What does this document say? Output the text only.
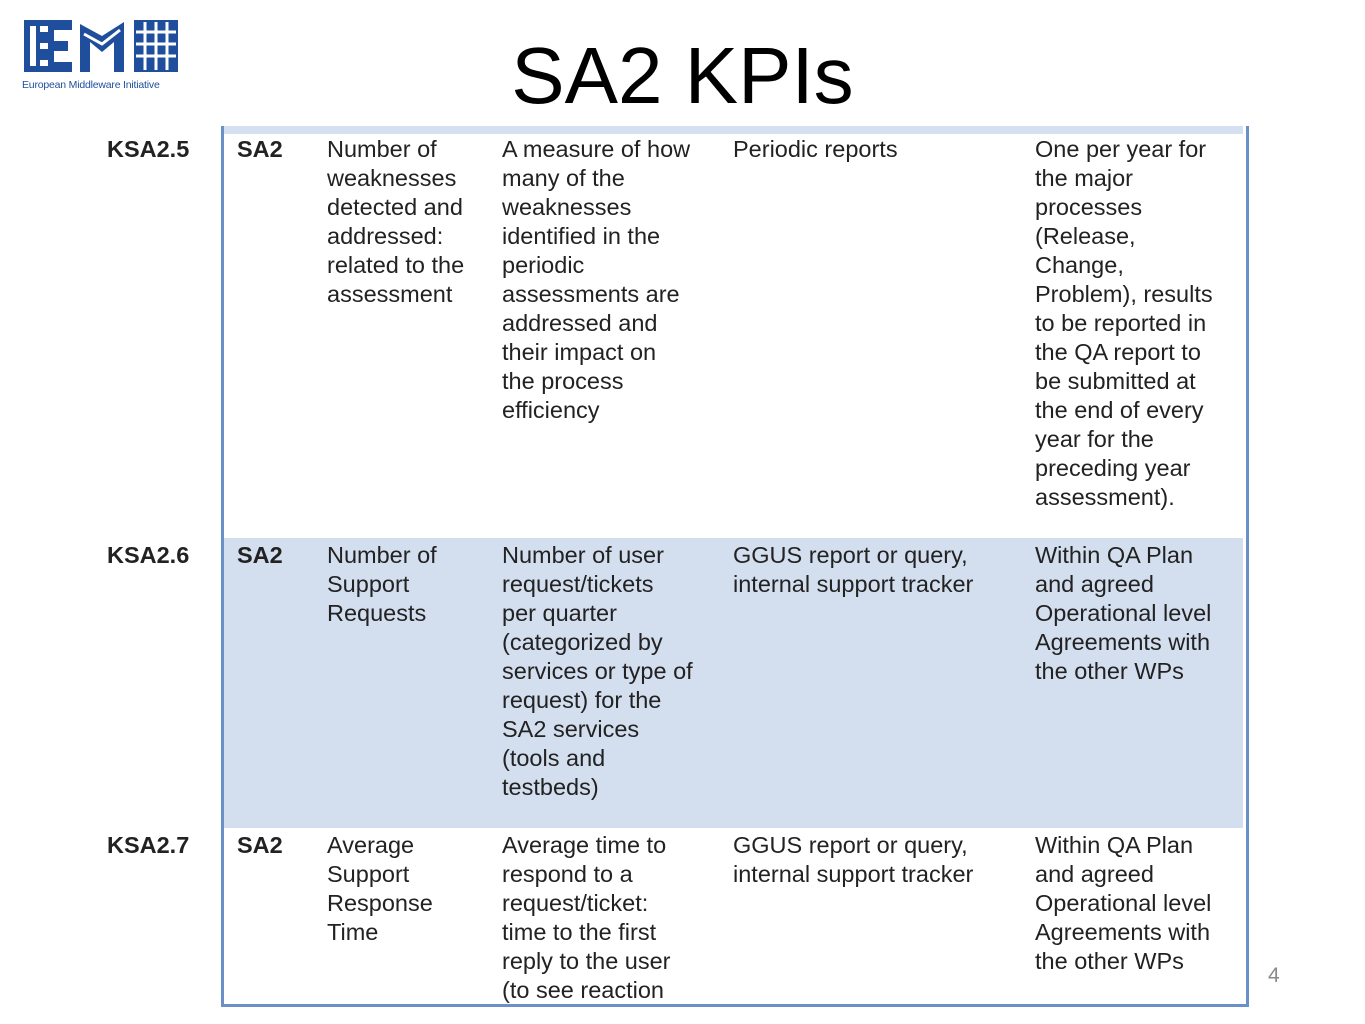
European Middleware Initiative	SA2 KPIs
KSA2.5 SA2 Number of
weaknesses
detected and
addressed:
related to the
assessment
A measure of how
many of the
weaknesses
identified in the
periodic
assessments are
addressed and
their impact on
the process
efficiency
Periodic reports	One per year for
the major
processes
(Release,
Change,
Problem), results
to be reported in
the QA report to
be submitted at
the end of every
year for the
preceding year
assessment).
KSA2.6 SA2 Number of
Support
Requests
Number of user
request/tickets
per quarter
(categorized by
services or type of
request) for the
SA2 services
(tools and
testbeds)
GGUS report or query,
internal support tracker
Within QA Plan
and agreed
Operational level
Agreements with
the other WPs
KSA2.7 SA2 Average
Support
Response
Time
Average time to
respond to a
request/ticket:
time to the first
reply to the user
(to see reaction
GGUS report or query,
internal support tracker
Within QA Plan
and agreed
Operational level
Agreements with
the other WPs
4
